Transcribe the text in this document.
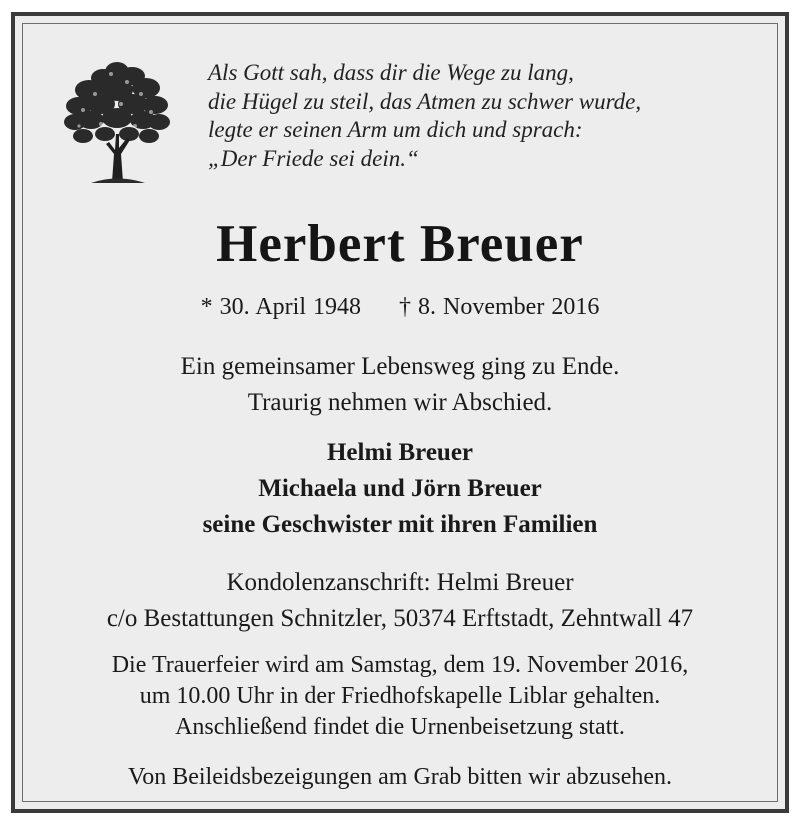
Als Gott sah, dass dir die Wege zu lang,
die Hügel zu steil, das Atmen zu schwer wurde,
legte er seinen Arm um dich und sprach:
„Der Friede sei dein.“
Herbert Breuer
* 30. April 1948 † 8. November 2016
Ein gemeinsamer Lebensweg ging zu Ende.
Traurig nehmen wir Abschied.
Helmi Breuer
Michaela und Jörn Breuer
seine Geschwister mit ihren Familien
Kondolenzanschrift: Helmi Breuer
c/o Bestattungen Schnitzler, 50374 Erftstadt, Zehntwall 47
Die Trauerfeier wird am Samstag, dem 19. November 2016,
um 10.00 Uhr in der Friedhofskapelle Liblar gehalten.
Anschließend findet die Urnenbeisetzung statt.
Von Beileidsbezeigungen am Grab bitten wir abzusehen.
